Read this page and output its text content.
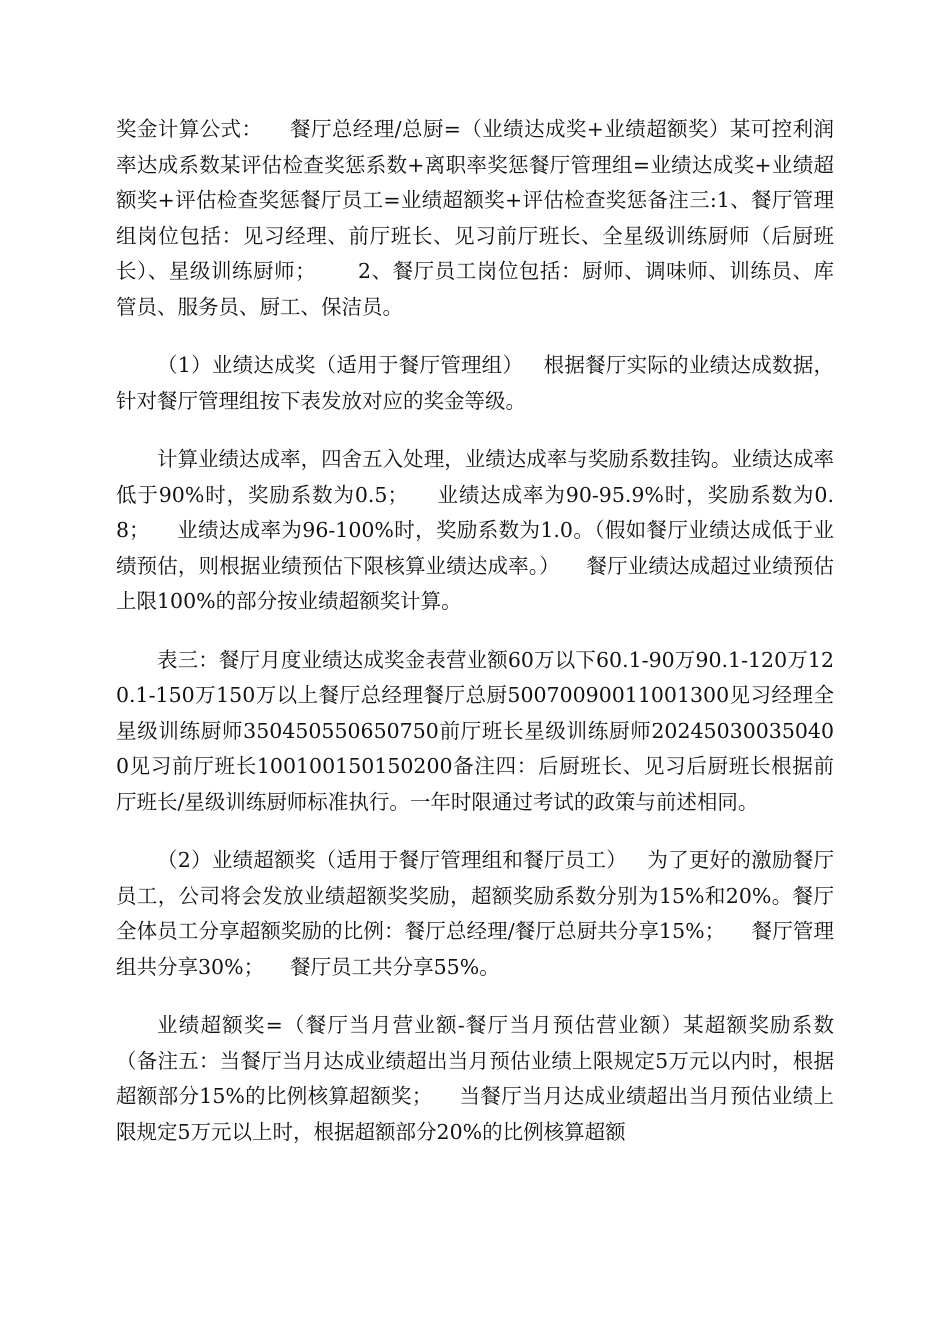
奖金计算公式：    餐厅总经理/总厨=（业绩达成奖+业绩超额奖）某可控利润率达成系数某评估检查奖惩系数+离职率奖惩餐厅管理组=业绩达成奖+业绩超额奖+评估检查奖惩餐厅员工=业绩超额奖+评估检查奖惩备注三:1、餐厅管理组岗位包括：见习经理、前厅班长、见习前厅班长、全星级训练厨师（后厨班长）、星级训练厨师；      2、餐厅员工岗位包括：厨师、调味师、训练员、库管员、服务员、厨工、保洁员。

（1）业绩达成奖（适用于餐厅管理组）   根据餐厅实际的业绩达成数据，针对餐厅管理组按下表发放对应的奖金等级。

计算业绩达成率，四舍五入处理，业绩达成率与奖励系数挂钩。业绩达成率低于90%时，奖励系数为0.5；    业绩达成率为90-95.9%时，奖励系数为0.8；    业绩达成率为96-100%时，奖励系数为1.0。（假如餐厅业绩达成低于业绩预估，则根据业绩预估下限核算业绩达成率。）    餐厅业绩达成超过业绩预估上限100%的部分按业绩超额奖计算。

表三：餐厅月度业绩达成奖金表营业额60万以下60.1-90万90.1-120万120.1-150万150万以上餐厅总经理餐厅总厨50070090011001300见习经理全星级训练厨师350450550650750前厅班长星级训练厨师202450300350400见习前厅班长100100150150200备注四：后厨班长、见习后厨班长根据前厅班长/星级训练厨师标准执行。一年时限通过考试的政策与前述相同。

（2）业绩超额奖（适用于餐厅管理组和餐厅员工）   为了更好的激励餐厅员工，公司将会发放业绩超额奖奖励，超额奖励系数分别为15%和20%。餐厅全体员工分享超额奖励的比例：餐厅总经理/餐厅总厨共分享15%；    餐厅管理组共分享30%；    餐厅员工共分享55%。

业绩超额奖=（餐厅当月营业额-餐厅当月预估营业额）某超额奖励系数（备注五：当餐厅当月达成业绩超出当月预估业绩上限规定5万元以内时，根据超额部分15%的比例核算超额奖；    当餐厅当月达成业绩超出当月预估业绩上限规定5万元以上时，根据超额部分20%的比例核算超额
